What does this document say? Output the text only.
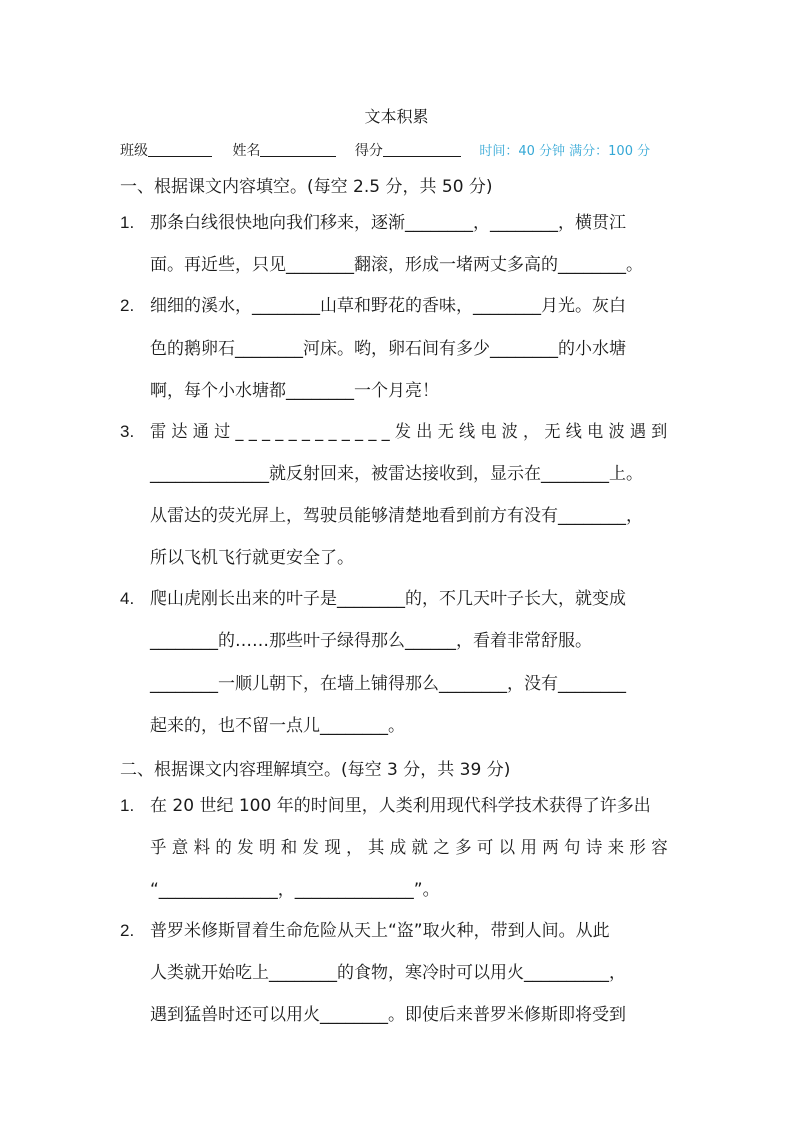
文本积累
班级	姓名	得分	时间：40 分钟 满分：100 分
一、根据课文内容填空。(每空 2.5 分，共 50 分)
1. 那条白线很快地向我们移来，逐渐________，________，横贯江
面。再近些，只见________翻滚，形成一堵两丈多高的________。
2. 细细的溪水，________山草和野花的香味，________月光。灰白
色的鹅卵石________河床。哟，卵石间有多少________的小水塘
啊，每个小水塘都________一个月亮！
3. 雷达通过____________发出无线电波，无线电波遇到
______________就反射回来，被雷达接收到，显示在________上。
从雷达的荧光屏上，驾驶员能够清楚地看到前方有没有________，
所以飞机飞行就更安全了。
4. 爬山虎刚长出来的叶子是________的，不几天叶子长大，就变成
________的……那些叶子绿得那么______，看着非常舒服。
________一顺儿朝下，在墙上铺得那么________，没有________
起来的，也不留一点儿________。
二、根据课文内容理解填空。(每空 3 分，共 39 分)
1. 在 20 世纪 100 年的时间里，人类利用现代科学技术获得了许多出
乎意料的发明和发现，其成就之多可以用两句诗来形容
“______________，______________”。
2. 普罗米修斯冒着生命危险从天上“盗”取火种，带到人间。从此
人类就开始吃上________的食物，寒冷时可以用火__________，
遇到猛兽时还可以用火________。即使后来普罗米修斯即将受到
